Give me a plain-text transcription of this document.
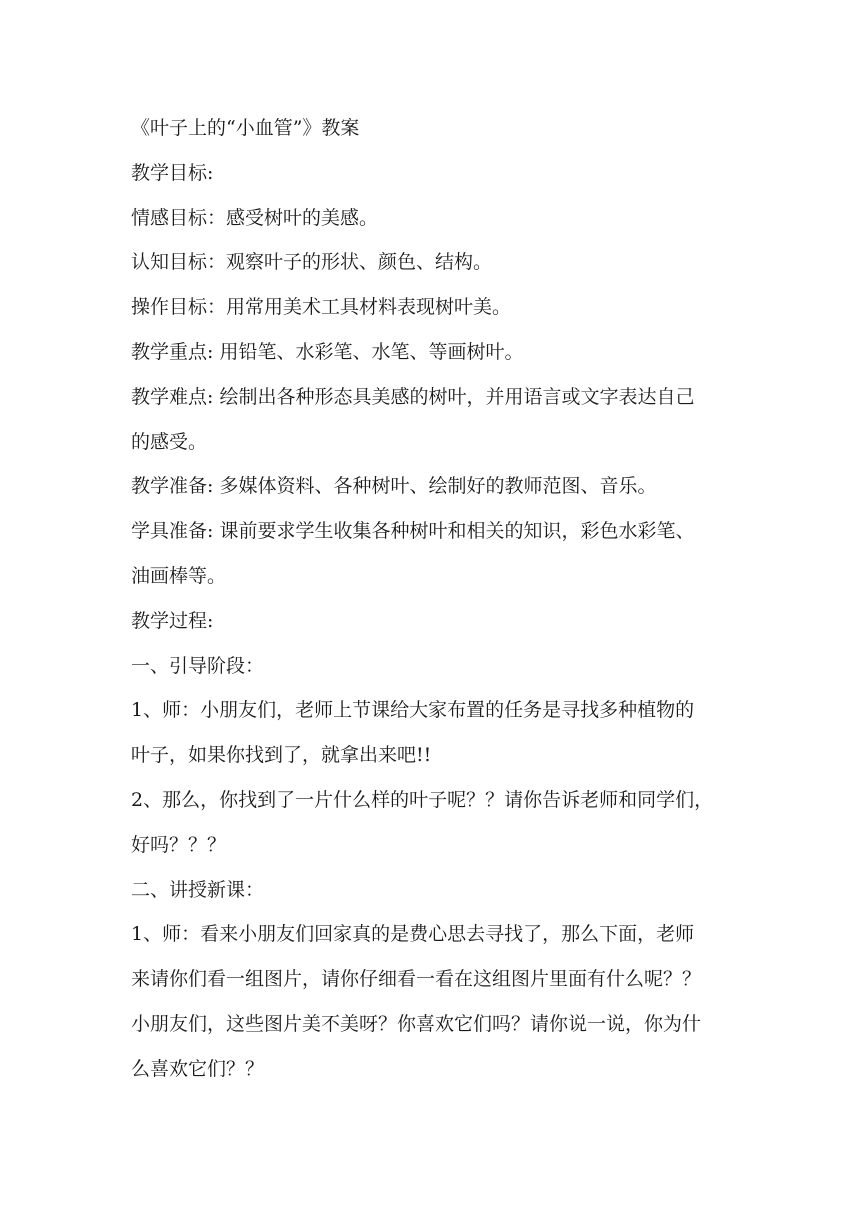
《叶子上的“小血管”》教案

教学目标:

情感目标：感受树叶的美感。

认知目标：观察叶子的形状、颜色、结构。

操作目标：用常用美术工具材料表现树叶美。

教学重点: 用铅笔、水彩笔、水笔、等画树叶。

教学难点: 绘制出各种形态具美感的树叶，并用语言或文字表达自己

的感受。

教学准备: 多媒体资料、各种树叶、绘制好的教师范图、音乐。

学具准备: 课前要求学生收集各种树叶和相关的知识，彩色水彩笔、

油画棒等。

教学过程:

一、引导阶段：

1、师：小朋友们，老师上节课给大家布置的任务是寻找多种植物的

叶子，如果你找到了，就拿出来吧!!

2、那么，你找到了一片什么样的叶子呢？？请你告诉老师和同学们，

好吗？？？

二、讲授新课：

1、师：看来小朋友们回家真的是费心思去寻找了，那么下面，老师

来请你们看一组图片，请你仔细看一看在这组图片里面有什么呢？？

小朋友们，这些图片美不美呀？你喜欢它们吗？请你说一说，你为什

么喜欢它们？？
